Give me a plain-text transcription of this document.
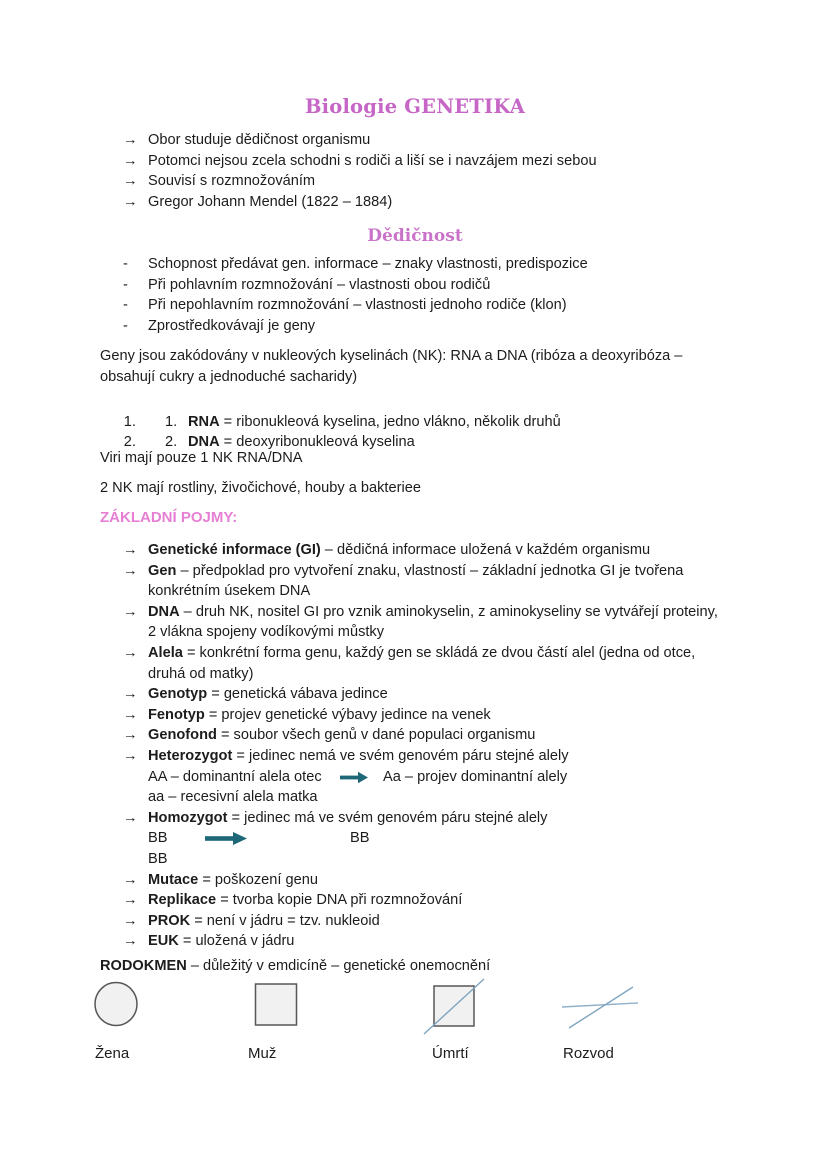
Biologie GENETIKA
→ Obor studuje dědičnost organismu
→ Potomci nejsou zcela schodni s rodiči a liší se i navzájem mezi sebou
→ Souvisí s rozmnožováním
→ Gregor Johann Mendel (1822 – 1884)
Dědičnost
- Schopnost předávat gen. informace – znaky vlastnosti, predispozice
- Při pohlavním rozmnožování – vlastnosti obou rodičů
- Při nepohlavním rozmnožování – vlastnosti jednoho rodiče (klon)
- Zprostředkovávají je geny
Geny jsou zakódovány v nukleových kyselinách (NK): RNA a DNA (ribóza a deoxyribóza – obsahují cukry a jednoduché sacharidy)
1. 1. RNA = ribonukleová kyselina, jedno vlákno, několik druhů
2. 2. DNA = deoxyribonukleová kyselina
Viri mají pouze 1 NK RNA/DNA
2 NK mají rostliny, živočichové, houby a bakteriee
ZÁKLADNÍ POJMY:
→ Genetické informace (GI) – dědičná informace uložená v každém organismu
→ Gen – předpoklad pro vytvoření znaku, vlastností – základní jednotka GI je tvořena konkrétním úsekem DNA
→ DNA – druh NK, nositel GI pro vznik aminokyselin, z aminokyseliny se vytvářejí proteiny, 2 vlákna spojeny vodíkovými můstky
→ Alela = konkrétní forma genu, každý gen se skládá ze dvou částí alel (jedna od otce, druhá od matky)
→ Genotyp = genetická vábava jedince
→ Fenotyp = projev genetické výbavy jedince na venek
→ Genofond = soubor všech genů v dané populaci organismu
→ Heterozygot = jedinec nemá ve svém genovém páru stejné alely
AA – dominantní alela otec	Aa – projev dominantní alely
aa – recesivní alela matka
→ Homozygot = jedinec má ve svém genovém páru stejné alely
BB	BB
BB
→ Mutace = poškození genu
→ Replikace = tvorba kopie DNA při rozmnožování
→ PROK = není v jádru = tzv. nukleoid
→ EUK = uložená v jádru
RODOKMEN – důležitý v emdicíně – genetické onemocnění
Žena	Muž	Úmrtí	Rozvod
